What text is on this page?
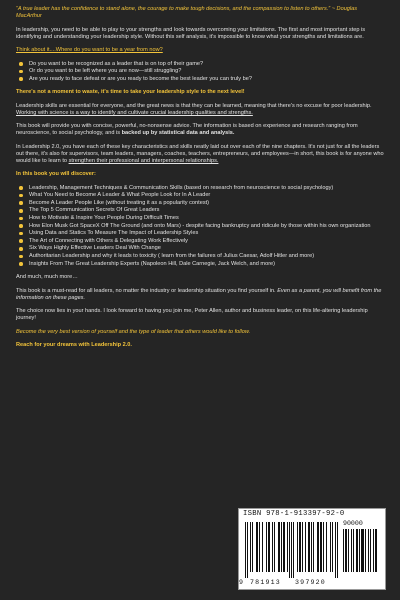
“A true leader has the confidence to stand alone, the courage to make tough decisions, and the compassion to listen to others.” ~ Douglas MacArthur

In leadership, you need to be able to play to your strengths and look towards overcoming your limitations. The first and most important step is identifying and understanding your leadership style. Without this self analysis, it's impossible to know what your strengths and limitations are.

Think about it....Where do you want to be a year from now?

Do you want to be recognized as a leader that is on top of their game?
Or do you want to be left where you are now—still struggling?
Are you ready to face defeat or are you ready to become the best leader you can truly be?

There's not a moment to waste, it's time to take your leadership style to the next level!

Leadership skills are essential for everyone, and the great news is that they can be learned, meaning that there's no excuse for poor leadership. Working with science is a way to identify and cultivate crucial leadership qualities and strengths.

This book will provide you with concise, powerful, no-nonsense advice. The information is based on experience and research ranging from neuroscience, to social psychology, and is backed up by statistical data and analysis.

In Leadership 2.0, you have each of these key characteristics and skills neatly laid out over each of the nine chapters. It's not just for all the leaders out there, it's also for supervisors, team leaders, managers, coaches, teachers, entrepreneurs, and employees—in short, this book is for anyone who would like to learn to strengthen their professional and interpersonal relationships.

In this book you will discover:

Leadership, Management Techniques & Communication Skills (based on research from neuroscience to social psychology)
What You Need to Become A Leader & What People Look for In A Leader
Become A Leader People Like (without treating it as a popularity contest)
The Top 5 Communication Secrets Of Great Leaders
How to Motivate & Inspire Your People During Difficult Times
How Elon Musk Got SpaceX Off The Ground (and onto Mars) - despite facing bankruptcy and ridicule by those within his own organization
Using Data and Statics To Measure The Impact of Leadership Styles
The Art of Connecting with Others & Delegating Work Effectively
Six Ways Highly Effective Leaders Deal With Change
Authoritarian Leadership and why it leads to toxicity ( learn from the failures of Julius Caesar, Adolf Hitler and more)
Insights From The Great Leadership Experts (Napoleon Hill, Dale Carnegie, Jack Welch, and more)

And much, much more…

This book is a must-read for all leaders, no matter the industry or leadership situation you find yourself in. Even as a parent, you will benefit from the information on these pages.

The choice now lies in your hands. I look forward to having you join me, Peter Allen, author and business leader, on this life-altering leadership journey!

Become the very best version of yourself and the type of leader that others would like to follow.

Reach for your dreams with Leadership 2.0.

ISBN 978-1-913397-92-0
90000
9 781913 397920
